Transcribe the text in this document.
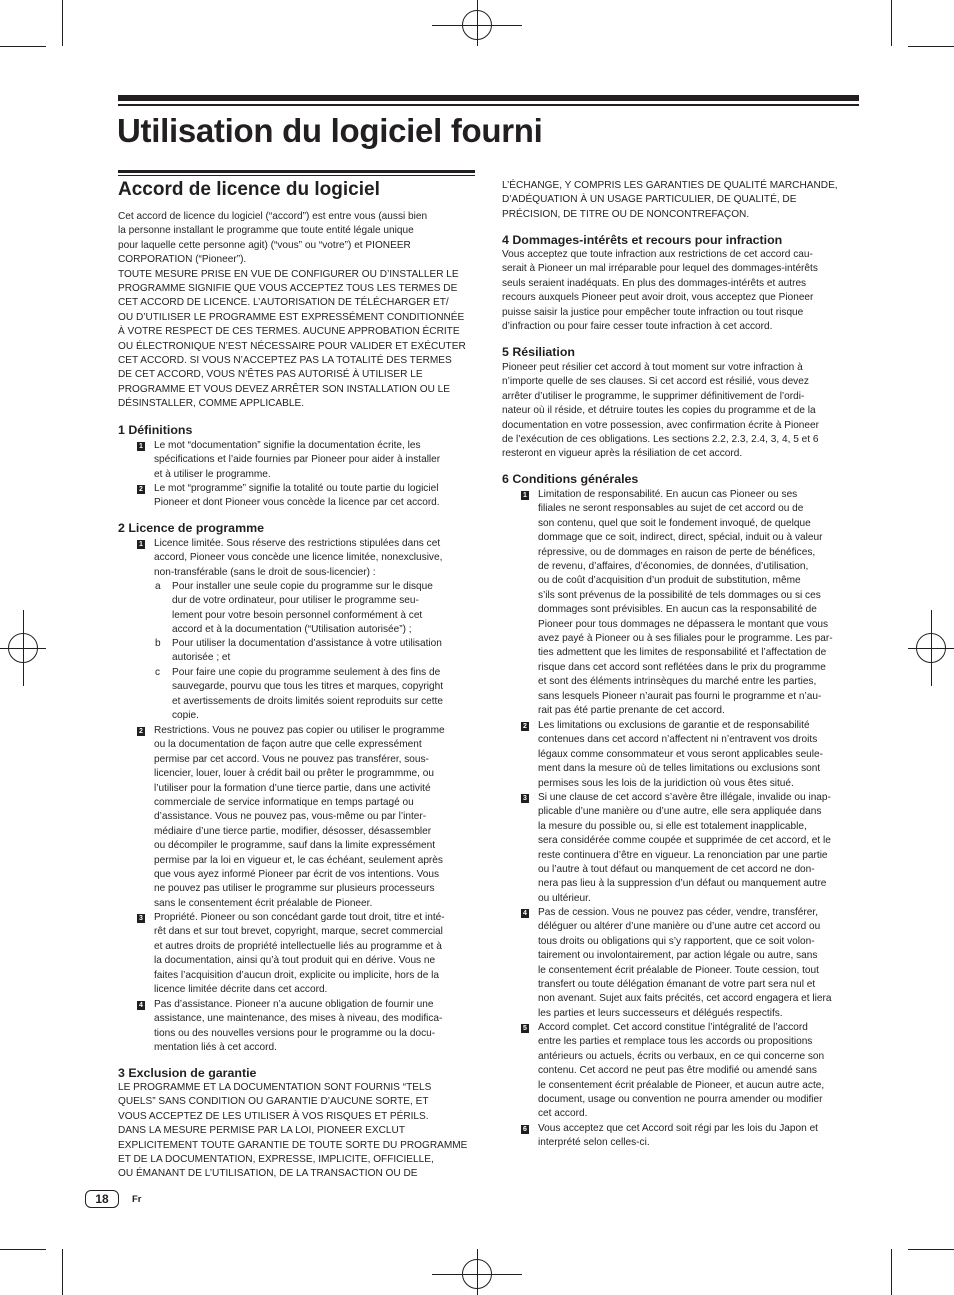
Utilisation du logiciel fourni
Accord de licence du logiciel

Cet accord de licence du logiciel (“accord”) est entre vous (aussi bien
la personne installant le programme que toute entité légale unique
pour laquelle cette personne agit) (“vous” ou “votre”) et PIONEER
CORPORATION (“Pioneer”).
TOUTE MESURE PRISE EN VUE DE CONFIGURER OU D’INSTALLER LE
PROGRAMME SIGNIFIE QUE VOUS ACCEPTEZ TOUS LES TERMES DE
CET ACCORD DE LICENCE. L’AUTORISATION DE TÉLÉCHARGER ET/
OU D’UTILISER LE PROGRAMME EST EXPRESSÉMENT CONDITIONNÉE
À VOTRE RESPECT DE CES TERMES. AUCUNE APPROBATION ÉCRITE
OU ÉLECTRONIQUE N’EST NÉCESSAIRE POUR VALIDER ET EXÉCUTER
CET ACCORD. SI VOUS N’ACCEPTEZ PAS LA TOTALITÉ DES TERMES
DE CET ACCORD, VOUS N’ÊTES PAS AUTORISÉ À UTILISER LE
PROGRAMME ET VOUS DEVEZ ARRÊTER SON INSTALLATION OU LE
DÉSINSTALLER, COMME APPLICABLE.

1 Définitions
1 Le mot “documentation” signifie la documentation écrite, les
spécifications et l’aide fournies par Pioneer pour aider à installer
et à utiliser le programme.

2 Le mot “programme” signifie la totalité ou toute partie du logiciel
Pioneer et dont Pioneer vous concède la licence par cet accord.

2 Licence de programme
1 Licence limitée. Sous réserve des restrictions stipulées dans cet
accord, Pioneer vous concède une licence limitée, nonexclusive,
non-transférable (sans le droit de sous-licencier) :

a Pour installer une seule copie du programme sur le disque
dur de votre ordinateur, pour utiliser le programme seu-
lement pour votre besoin personnel conformément à cet
accord et à la documentation (“Utilisation autorisée”) ;

b Pour utiliser la documentation d’assistance à votre utilisation
autorisée ; et

c Pour faire une copie du programme seulement à des fins de
sauvegarde, pourvu que tous les titres et marques, copyright
et avertissements de droits limités soient reproduits sur cette
copie.

2 Restrictions. Vous ne pouvez pas copier ou utiliser le programme
ou la documentation de façon autre que celle expressément
permise par cet accord. Vous ne pouvez pas transférer, sous-
licencier, louer, louer à crédit bail ou prêter le programmme, ou
l’utiliser pour la formation d’une tierce partie, dans une activité
commerciale de service informatique en temps partagé ou
d’assistance. Vous ne pouvez pas, vous-même ou par l’inter-
médiaire d’une tierce partie, modifier, désosser, désassembler
ou décompiler le programme, sauf dans la limite expressément
permise par la loi en vigueur et, le cas échéant, seulement après
que vous ayez informé Pioneer par écrit de vos intentions. Vous
ne pouvez pas utiliser le programme sur plusieurs processeurs
sans le consentement écrit préalable de Pioneer.

3 Propriété. Pioneer ou son concédant garde tout droit, titre et inté-
rêt dans et sur tout brevet, copyright, marque, secret commercial
et autres droits de propriété intellectuelle liés au programme et à
la documentation, ainsi qu’à tout produit qui en dérive. Vous ne
faites l’acquisition d’aucun droit, explicite ou implicite, hors de la
licence limitée décrite dans cet accord.

4 Pas d’assistance. Pioneer n’a aucune obligation de fournir une
assistance, une maintenance, des mises à niveau, des modifica-
tions ou des nouvelles versions pour le programme ou la docu-
mentation liés à cet accord.

3 Exclusion de garantie

LE PROGRAMME ET LA DOCUMENTATION SONT FOURNIS “TELS
QUELS” SANS CONDITION OU GARANTIE D’AUCUNE SORTE, ET
VOUS ACCEPTEZ DE LES UTILISER À VOS RISQUES ET PÉRILS.
DANS LA MESURE PERMISE PAR LA LOI, PIONEER EXCLUT
EXPLICITEMENT TOUTE GARANTIE DE TOUTE SORTE DU PROGRAMME
ET DE LA DOCUMENTATION, EXPRESSE, IMPLICITE, OFFICIELLE,
OU ÉMANANT DE L’UTILISATION, DE LA TRANSACTION OU DE

L’ÉCHANGE, Y COMPRIS LES GARANTIES DE QUALITÉ MARCHANDE,
D’ADÉQUATION À UN USAGE PARTICULIER, DE QUALITÉ, DE
PRÉCISION, DE TITRE OU DE NONCONTREFAÇON.

4 Dommages-intérêts et recours pour infraction

Vous acceptez que toute infraction aux restrictions de cet accord cau-
serait à Pioneer un mal irréparable pour lequel des dommages-intérêts
seuls seraient inadéquats. En plus des dommages-intérêts et autres
recours auxquels Pioneer peut avoir droit, vous acceptez que Pioneer
puisse saisir la justice pour empêcher toute infraction ou tout risque
d’infraction ou pour faire cesser toute infraction à cet accord.

5 Résiliation

Pioneer peut résilier cet accord à tout moment sur votre infraction à
n’importe quelle de ses clauses. Si cet accord est résilié, vous devez
arrêter d’utiliser le programme, le supprimer définitivement de l’ordi-
nateur où il réside, et détruire toutes les copies du programme et de la
documentation en votre possession, avec confirmation écrite à Pioneer
de l’exécution de ces obligations. Les sections 2.2, 2.3, 2.4, 3, 4, 5 et 6
resteront en vigueur après la résiliation de cet accord.

6 Conditions générales
1 Limitation de responsabilité. En aucun cas Pioneer ou ses
filiales ne seront responsables au sujet de cet accord ou de
son contenu, quel que soit le fondement invoqué, de quelque
dommage que ce soit, indirect, direct, spécial, induit ou à valeur
répressive, ou de dommages en raison de perte de bénéfices,
de revenu, d’affaires, d’économies, de données, d’utilisation,
ou de coût d’acquisition d’un produit de substitution, même
s’ils sont prévenus de la possibilité de tels dommages ou si ces
dommages sont prévisibles. En aucun cas la responsabilité de
Pioneer pour tous dommages ne dépassera le montant que vous
avez payé à Pioneer ou à ses filiales pour le programme. Les par-
ties admettent que les limites de responsabilité et l’affectation de
risque dans cet accord sont reflétées dans le prix du programme
et sont des éléments intrinsèques du marché entre les parties,
sans lesquels Pioneer n’aurait pas fourni le programme et n’au-
rait pas été partie prenante de cet accord.

2 Les limitations ou exclusions de garantie et de responsabilité
contenues dans cet accord n’affectent ni n’entravent vos droits
légaux comme consommateur et vous seront applicables seule-
ment dans la mesure où de telles limitations ou exclusions sont
permises sous les lois de la juridiction où vous êtes situé.

3 Si une clause de cet accord s’avère être illégale, invalide ou inap-
plicable d’une manière ou d’une autre, elle sera appliquée dans
la mesure du possible ou, si elle est totalement inapplicable,
sera considérée comme coupée et supprimée de cet accord, et le
reste continuera d’être en vigueur. La renonciation par une partie
ou l’autre à tout défaut ou manquement de cet accord ne don-
nera pas lieu à la suppression d’un défaut ou manquement autre
ou ultérieur.

4 Pas de cession. Vous ne pouvez pas céder, vendre, transférer,
déléguer ou altérer d’une manière ou d’une autre cet accord ou
tous droits ou obligations qui s’y rapportent, que ce soit volon-
tairement ou involontairement, par action légale ou autre, sans
le consentement écrit préalable de Pioneer. Toute cession, tout
transfert ou toute délégation émanant de votre part sera nul et
non avenant. Sujet aux faits précités, cet accord engagera et liera
les parties et leurs successeurs et délégués respectifs.

5 Accord complet. Cet accord constitue l’intégralité de l’accord
entre les parties et remplace tous les accords ou propositions
antérieurs ou actuels, écrits ou verbaux, en ce qui concerne son
contenu. Cet accord ne peut pas être modifié ou amendé sans
le consentement écrit préalable de Pioneer, et aucun autre acte,
document, usage ou convention ne pourra amender ou modifier
cet accord.

6 Vous acceptez que cet Accord soit régi par les lois du Japon et
interprété selon celles-ci.

18	Fr
